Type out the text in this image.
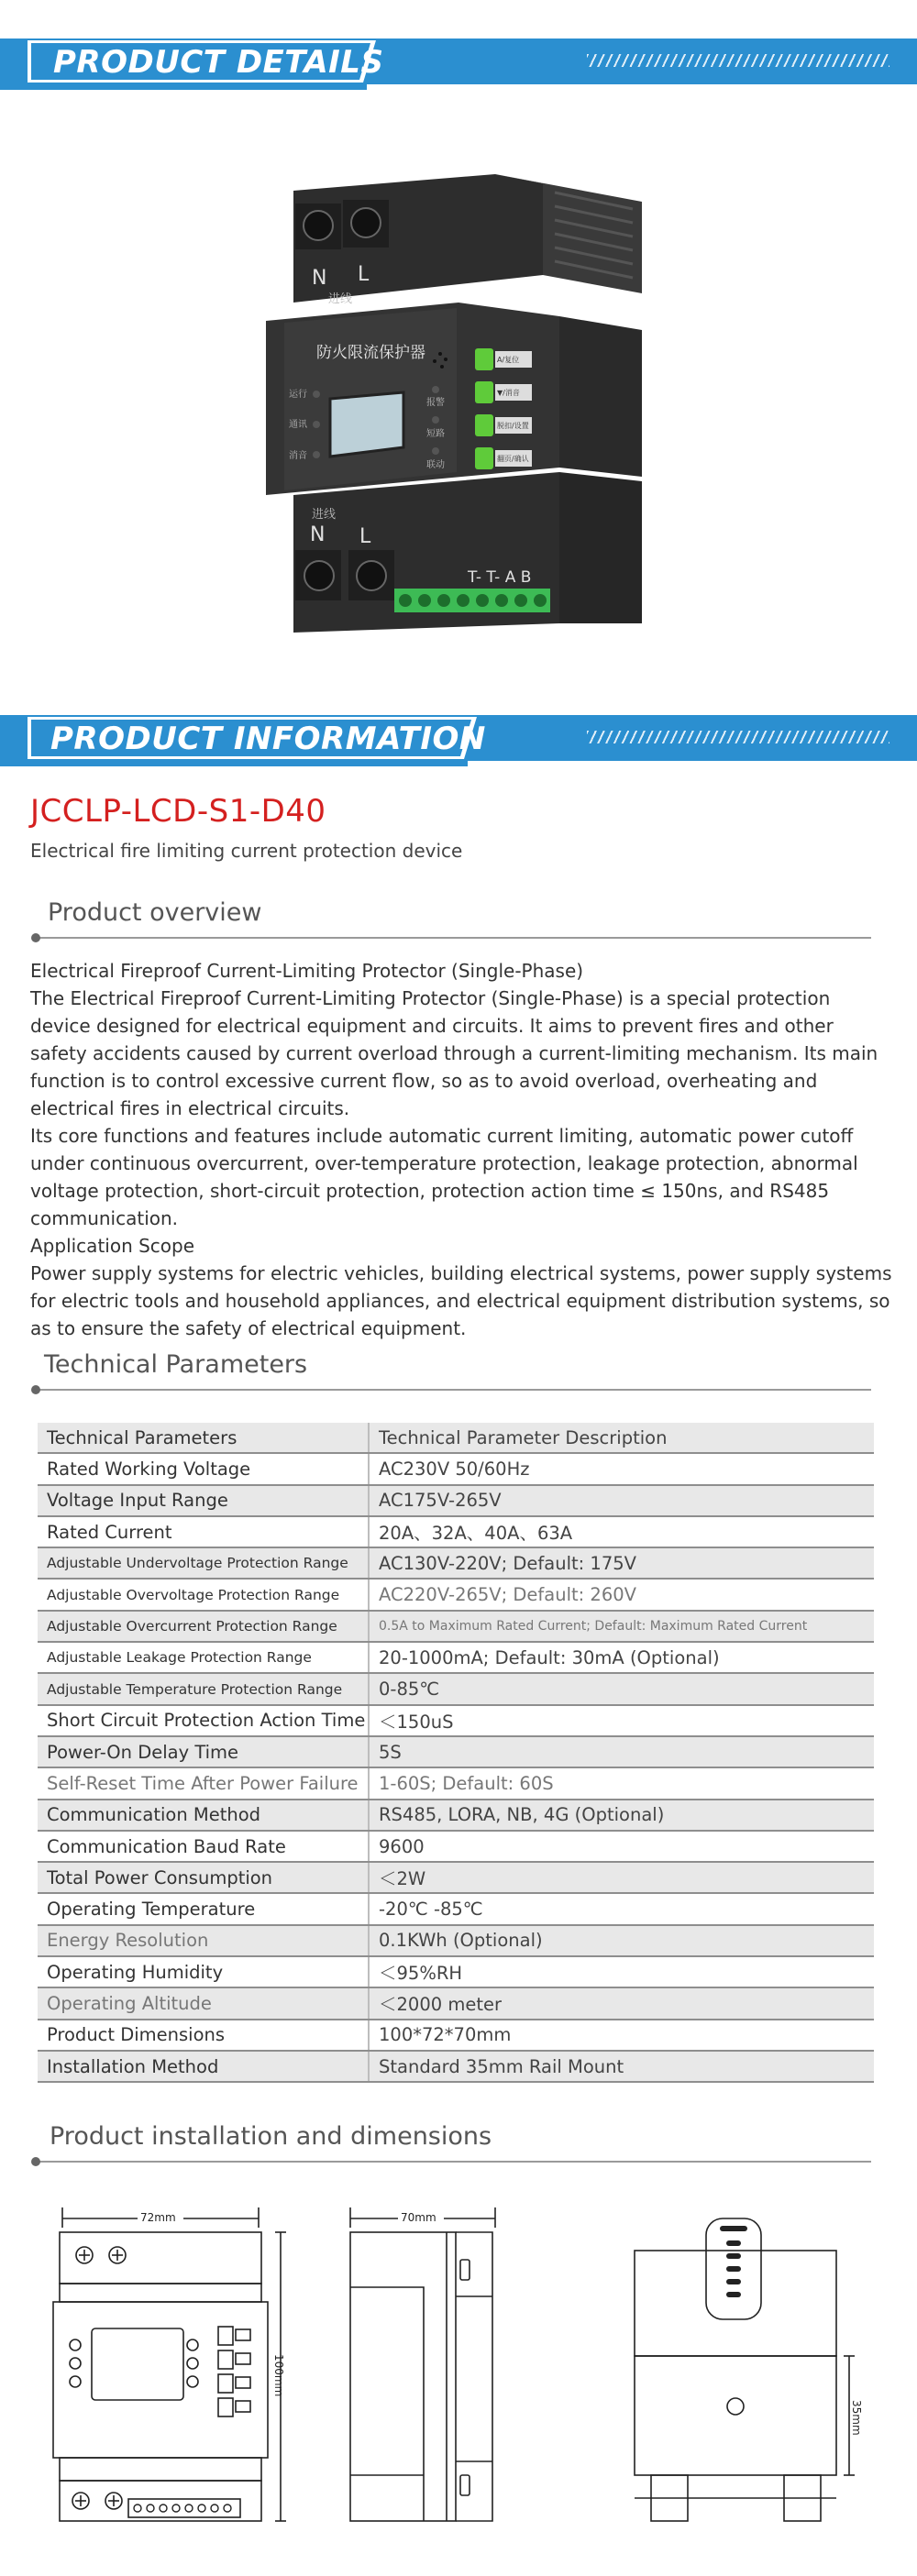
PRODUCT DETAILS
N L
进线
防火限流保护器
运行
通讯
消音
报警
短路
联动
A/复位
▼/消音
脱扣/设置
翻页/确认
进线
N L
T- T- A B
PRODUCT INFORMATION
JCCLP-LCD-S1-D40
Electrical fire limiting current protection device
Product overview

Electrical Fireproof Current-Limiting Protector (Single-Phase)

The Electrical Fireproof Current-Limiting Protector (Single-Phase) is a special protection device designed for electrical equipment and circuits. It aims to prevent fires and other safety accidents caused by current overload through a current-limiting mechanism. Its main function is to control excessive current flow, so as to avoid overload, overheating and electrical fires in electrical circuits.

Its core functions and features include automatic current limiting, automatic power cutoff under continuous overcurrent, over-temperature protection, leakage protection, abnormal voltage protection, short-circuit protection, protection action time ≤ 150ns, and RS485 communication.

Application Scope

Power supply systems for electric vehicles, building electrical systems, power supply systems for electric tools and household appliances, and electrical equipment distribution systems, so as to ensure the safety of electrical equipment.

Technical Parameters
Technical Parameters	Technical Parameter Description
Rated Working Voltage	AC230V 50/60Hz
Voltage Input Range	AC175V-265V
Rated Current	20A、32A、40A、63A
Adjustable Undervoltage Protection Range	AC130V-220V; Default: 175V
Adjustable Overvoltage Protection Range	AC220V-265V; Default: 260V
Adjustable Overcurrent Protection Range	0.5A to Maximum Rated Current; Default: Maximum Rated Current
Adjustable Leakage Protection Range	20-1000mA; Default: 30mA (Optional)
Adjustable Temperature Protection Range	0-85℃
Short Circuit Protection Action Time	＜150uS
Power-On Delay Time	5S
Self-Reset Time After Power Failure	1-60S; Default: 60S
Communication Method	RS485, LORA, NB, 4G (Optional)
Communication Baud Rate	9600
Total Power Consumption	＜2W
Operating Temperature	-20℃ -85℃
Energy Resolution	0.1KWh (Optional)
Operating Humidity	＜95%RH
Operating Altitude	＜2000 meter
Product Dimensions	100*72*70mm
Installation Method	Standard 35mm Rail Mount
Product installation and dimensions
72mm
100mm
70mm
35mm
